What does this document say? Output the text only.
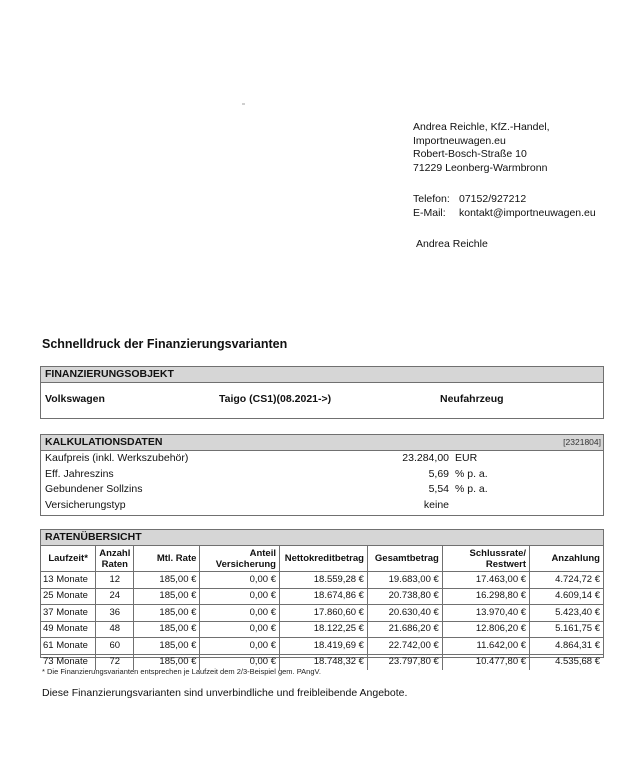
Andrea Reichle, KfZ.-Handel,
Importneuwagen.eu
Robert-Bosch-Straße 10
71229 Leonberg-Warmbronn
Telefon: 07152/927212
E-Mail:	kontakt@importneuwagen.eu
Andrea Reichle
Schnelldruck der Finanzierungsvarianten
FINANZIERUNGSOBJEKT
Volkswagen	Taigo (CS1)(08.2021->)	Neufahrzeug
KALKULATIONSDATEN	[2321804]
Kaufpreis (inkl. Werkszubehör)	23.284,00 EUR
Eff. Jahreszins	5,69 % p. a.
Gebundener Sollzins	5,54 % p. a.
Versicherungstyp	keine
RATENÜBERSICHT
Laufzeit*	Anzahl Raten	Mtl. Rate	Anteil Versicherung	Nettokreditbetrag	Gesamtbetrag	Schlussrate/ Restwert	Anzahlung
13 Monate	12	185,00 €	0,00 €	18.559,28 €	19.683,00 €	17.463,00 €	4.724,72 €
25 Monate	24	185,00 €	0,00 €	18.674,86 €	20.738,80 €	16.298,80 €	4.609,14 €
37 Monate	36	185,00 €	0,00 €	17.860,60 €	20.630,40 €	13.970,40 €	5.423,40 €
49 Monate	48	185,00 €	0,00 €	18.122,25 €	21.686,20 €	12.806,20 €	5.161,75 €
61 Monate	60	185,00 €	0,00 €	18.419,69 €	22.742,00 €	11.642,00 €	4.864,31 €
73 Monate	72	185,00 €	0,00 €	18.748,32 €	23.797,80 €	10.477,80 €	4.535,68 €
* Die Finanzierungsvarianten entsprechen je Laufzeit dem 2/3-Beispiel gem. PAngV.
Diese Finanzierungsvarianten sind unverbindliche und freibleibende Angebote.
